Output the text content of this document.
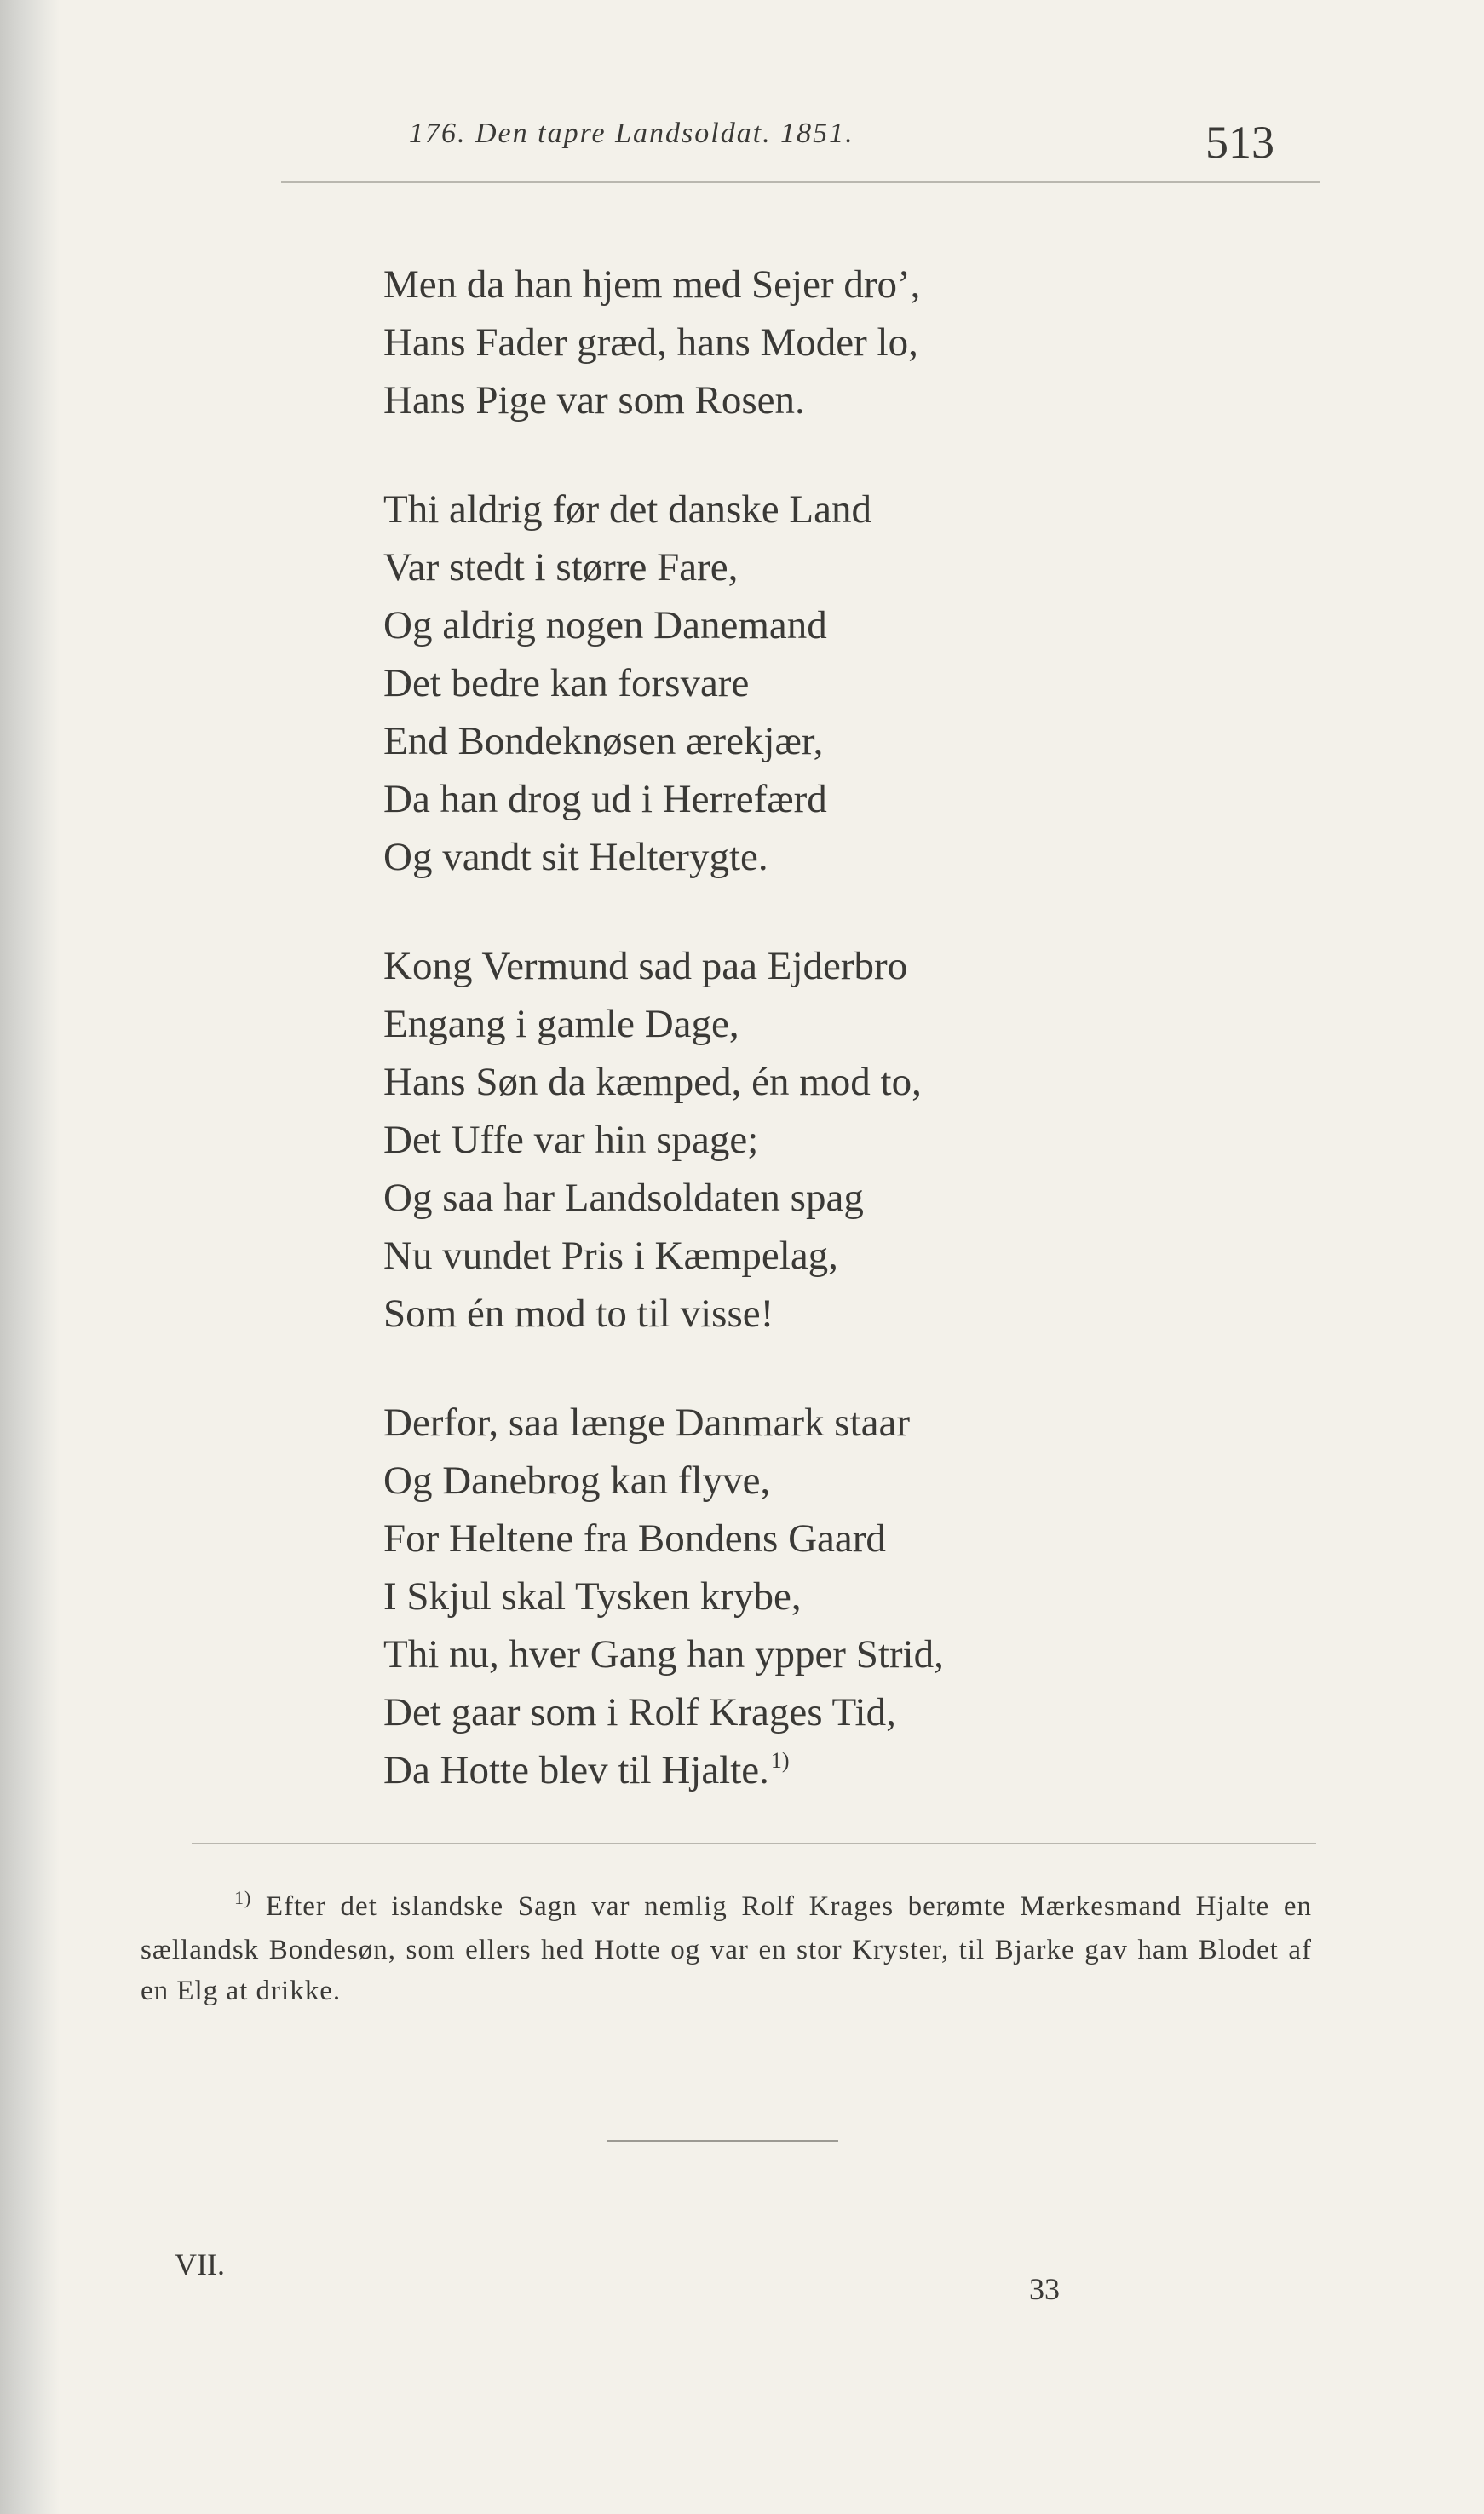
176. Den tapre Landsoldat. 1851.	513
Men da han hjem med Sejer dro’,
Hans Fader græd, hans Moder lo,
Hans Pige var som Rosen.
Thi aldrig før det danske Land
Var stedt i større Fare,
Og aldrig nogen Danemand
Det bedre kan forsvare
End Bondeknøsen ærekjær,
Da han drog ud i Herrefærd
Og vandt sit Helterygte.
Kong Vermund sad paa Ejderbro
Engang i gamle Dage,
Hans Søn da kæmped, én mod to,
Det Uffe var hin spage;
Og saa har Landsoldaten spag
Nu vundet Pris i Kæmpelag,
Som én mod to til visse!
Derfor, saa længe Danmark staar
Og Danebrog kan flyve,
For Heltene fra Bondens Gaard
I Skjul skal Tysken krybe,
Thi nu, hver Gang han ypper Strid,
Det gaar som i Rolf Krages Tid,
Da Hotte blev til Hjalte.$^{1)}$
$^{1)}$ Efter det islandske Sagn var nemlig Rolf Krages berømte Mærkesmand Hjalte en sællandsk Bondesøn, som ellers hed Hotte og var en stor Kryster, til Bjarke gav ham Blodet af en Elg at drikke.
VII.
33
